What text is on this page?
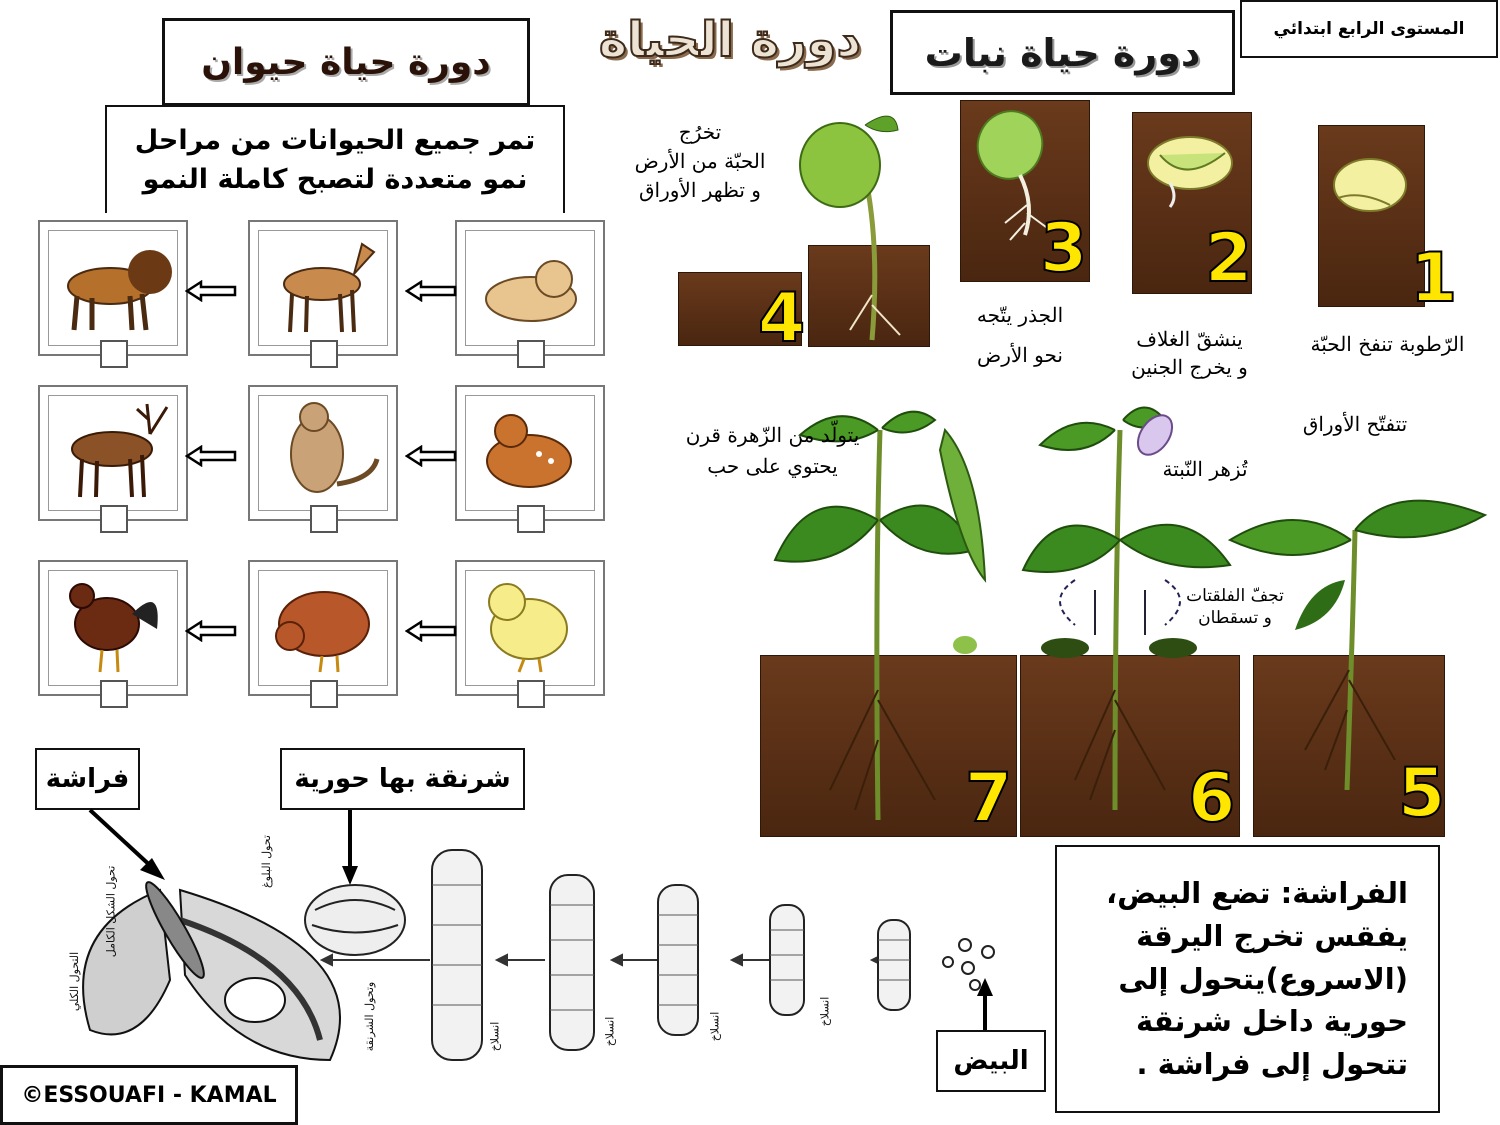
المستوى الرابع ابتدائي
دورة الحياة	دورة حياة نبات
دورة حياة حيوان
تمر جميع الحيوانات من مراحل
نمو متعددة لتصبح كاملة النمو
1
الرّطوبة تنفخ الحبّة
2
ينشقّ الغلاف
و يخرج الجنين
3
الجذر يتّجه
نحو الأرض
4
تخرُج
الحبّة من الأرض
و تظهر الأوراق
5
تتفتّح الأوراق
6
تجفّ الفلقتات
و تسقطان
تُزهر النّبتة
7
يتولّد من الزّهرة قرن
يحتوي على حب
فراشة	شرنقة بها حورية
البيض
انسلاخ
انسلاخ
انسلاخ
انسلاخ
تحول الشكل الكامل
التحول الكلي
تحول البلوغ
وتحول الشرنقة
الفراشة: تضع البيض،
يفقس تخرج اليرقة
(الاسروع)يتحول إلى
حورية داخل شرنقة
تتحول إلى فراشة .
©ESSOUAFI - KAMAL
